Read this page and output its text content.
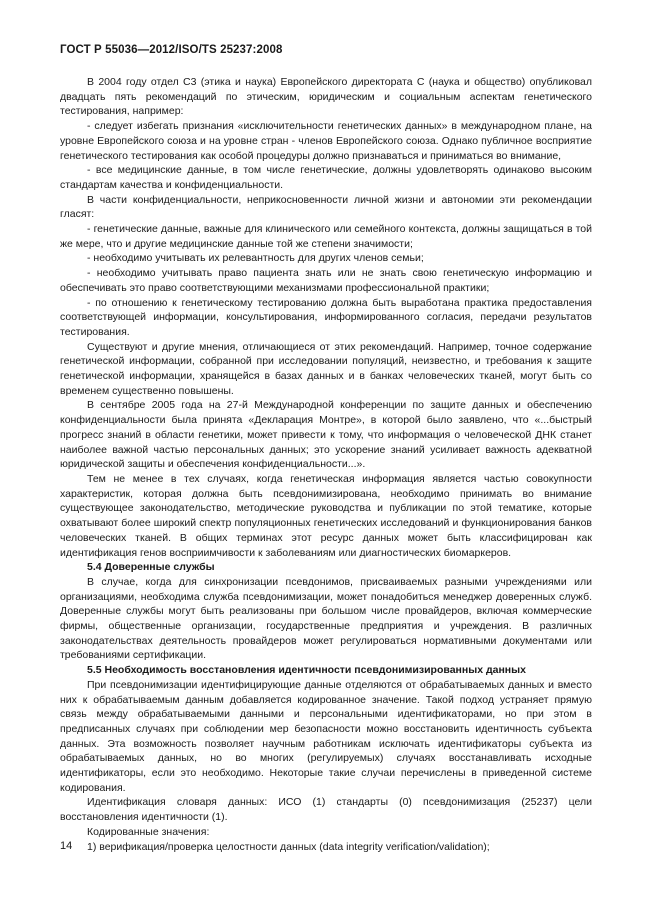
ГОСТ Р 55036—2012/ISO/TS 25237:2008

В 2004 году отдел С3 (этика и наука) Европейского директората С (наука и общество) опубликовал двадцать пять рекомендаций по этическим, юридическим и социальным аспектам генетического тестирования, например:

- следует избегать признания «исключительности генетических данных» в международном плане, на уровне Европейского союза и на уровне стран - членов Европейского союза. Однако публичное восприятие генетического тестирования как особой процедуры должно признаваться и приниматься во внимание,

- все медицинские данные, в том числе генетические, должны удовлетворять одинаково высоким стандартам качества и конфиденциальности.

В части конфиденциальности, неприкосновенности личной жизни и автономии эти рекомендации гласят:

- генетические данные, важные для клинического или семейного контекста, должны защищаться в той же мере, что и другие медицинские данные той же степени значимости;

- необходимо учитывать их релевантность для других членов семьи;

- необходимо учитывать право пациента знать или не знать свою генетическую информацию и обеспечивать это право соответствующими механизмами профессиональной практики;

- по отношению к генетическому тестированию должна быть выработана практика предоставления соответствующей информации, консультирования, информированного согласия, передачи результатов тестирования.

Существуют и другие мнения, отличающиеся от этих рекомендаций. Например, точное содержание генетической информации, собранной при исследовании популяций, неизвестно, и требования к защите генетической информации, хранящейся в базах данных и в банках человеческих тканей, могут быть со временем существенно повышены.

В сентябре 2005 года на 27-й Международной конференции по защите данных и обеспечению конфиденциальности была принята «Декларация Монтре», в которой было заявлено, что «...быстрый прогресс знаний в области генетики, может привести к тому, что информация о человеческой ДНК станет наиболее важной частью персональных данных; это ускорение знаний усиливает важность адекватной юридической защиты и обеспечения конфиденциальности...».

Тем не менее в тех случаях, когда генетическая информация является частью совокупности характеристик, которая должна быть псевдонимизирована, необходимо принимать во внимание существующее законодательство, методические руководства и публикации по этой тематике, которые охватывают более широкий спектр популяционных генетических исследований и функционирования банков человеческих тканей. В общих терминах этот ресурс данных может быть классифицирован как идентификация генов восприимчивости к заболеваниям или диагностических биомаркеров.

5.4 Доверенные службы

В случае, когда для синхронизации псевдонимов, присваиваемых разными учреждениями или организациями, необходима служба псевдонимизации, может понадобиться менеджер доверенных служб. Доверенные службы могут быть реализованы при большом числе провайдеров, включая коммерческие фирмы, общественные организации, государственные предприятия и учреждения. В различных законодательствах деятельность провайдеров может регулироваться нормативными документами или требованиями сертификации.

5.5 Необходимость восстановления идентичности псевдонимизированных данных

При псевдонимизации идентифицирующие данные отделяются от обрабатываемых данных и вместо них к обрабатываемым данным добавляется кодированное значение. Такой подход устраняет прямую связь между обрабатываемыми данными и персональными идентификаторами, но при этом в предписанных случаях при соблюдении мер безопасности можно восстановить идентичность субъекта данных. Эта возможность позволяет научным работникам исключать идентификаторы субъекта из обрабатываемых данных, но во многих (регулируемых) случаях восстанавливать исходные идентификаторы, если это необходимо. Некоторые такие случаи перечислены в приведенной системе кодирования.

Идентификация словаря данных: ИСО (1) стандарты (0) псевдонимизация (25237) цели восстановления идентичности (1).

Кодированные значения:

1) верификация/проверка целостности данных (data integrity verification/validation);

14
